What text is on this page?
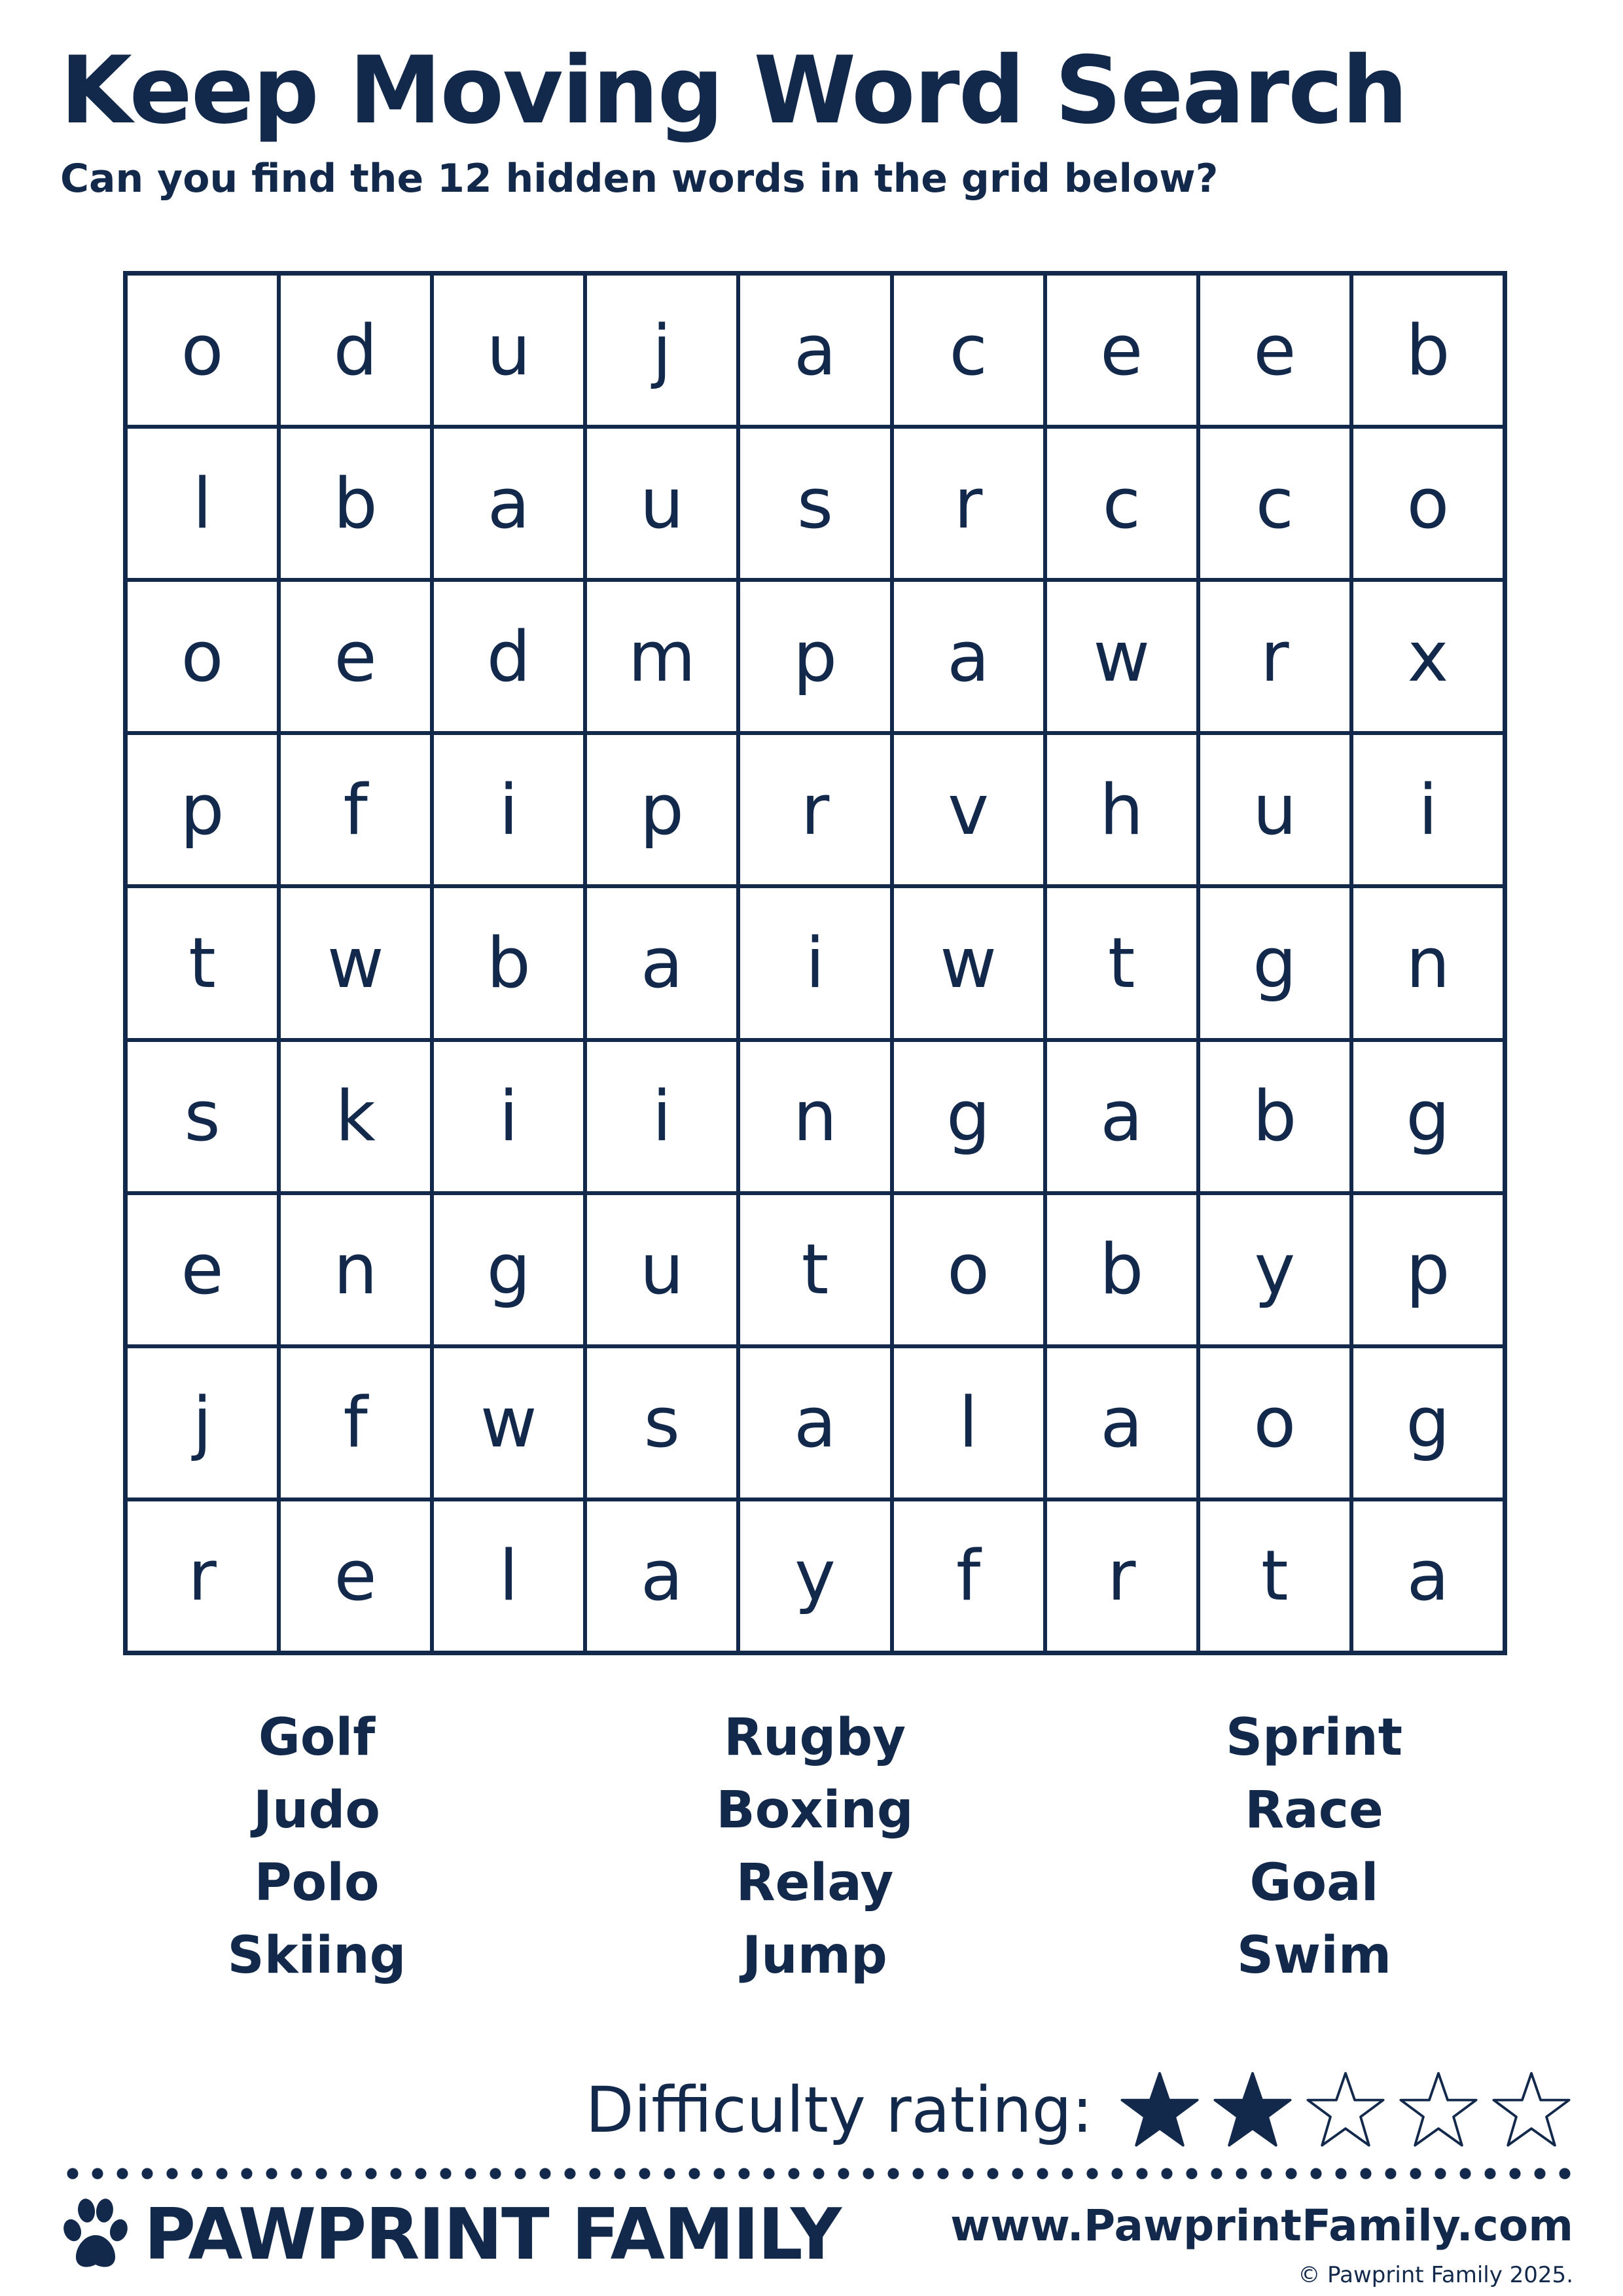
Keep Moving Word Search
Can you find the 12 hidden words in the grid below?
o	d	u	j	a	c	e	e	b
l	b	a	u	s	r	c	c	o
o	e	d	m	p	a	w	r	x
p	f	i	p	r	v	h	u	i
t	w	b	a	i	w	t	g	n
s	k	i	i	n	g	a	b	g
e	n	g	u	t	o	b	y	p
j	f	w	s	a	l	a	o	g
r	e	l	a	y	f	r	t	a
Golf
Judo
Polo
Skiing
Rugby
Boxing
Relay
Jump
Sprint
Race
Goal
Swim
Difficulty rating:
PAWPRINT FAMILY	www.PawprintFamily.com
© Pawprint Family 2025.
